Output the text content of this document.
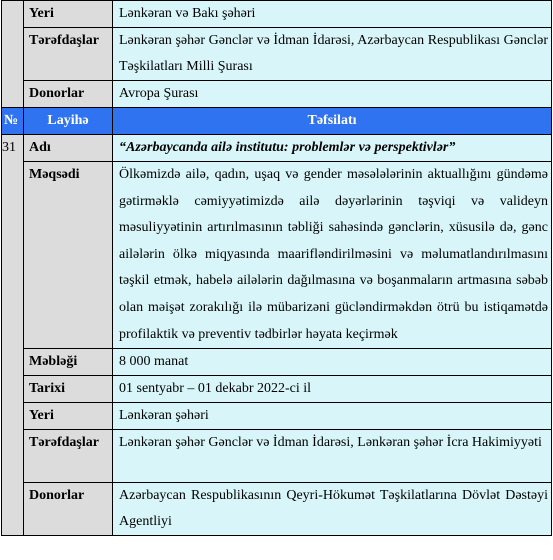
	Yeri	Lənkəran və Bakı şəhəri
	Tərəfdaşlar	Lənkəran şəhər Gənclər və İdman İdarəsi, Azərbaycan Respublikası Gənclər Təşkilatları Milli Şurası
	Donorlar	Avropa Şurası
№	Layihə	Təfsilatı
31	Adı	“Azərbaycanda ailə institutu: problemlər və perspektivlər”
	Məqsədi	Ölkəmizdə ailə, qadın, uşaq və gender məsələlərinin aktuallığını gündəmə gətirməklə cəmiyyətimizdə ailə dəyərlərinin təşviqi və valideyn məsuliyyətinin artırılmasının təbliği sahəsində gənclərin, xüsusilə də, gənc ailələrin ölkə miqyasında maarifləndirilməsini və məlumatlandırılmasını təşkil etmək, habelə ailələrin dağılmasına və boşanmaların artmasına səbəb olan məişət zorakılığı ilə mübarizəni gücləndirməkdən ötrü bu istiqamətdə profilaktik və preventiv tədbirlər həyata keçirmək
	Məbləği	8 000 manat
	Tarixi	01 sentyabr – 01 dekabr 2022-ci il
	Yeri	Lənkəran şəhəri
	Tərəfdaşlar	Lənkəran şəhər Gənclər və İdman İdarəsi, Lənkəran şəhər İcra Hakimiyyəti
	Donorlar	Azərbaycan Respublikasının Qeyri-Hökumət Təşkilatlarına Dövlət Dəstəyi Agentliyi
